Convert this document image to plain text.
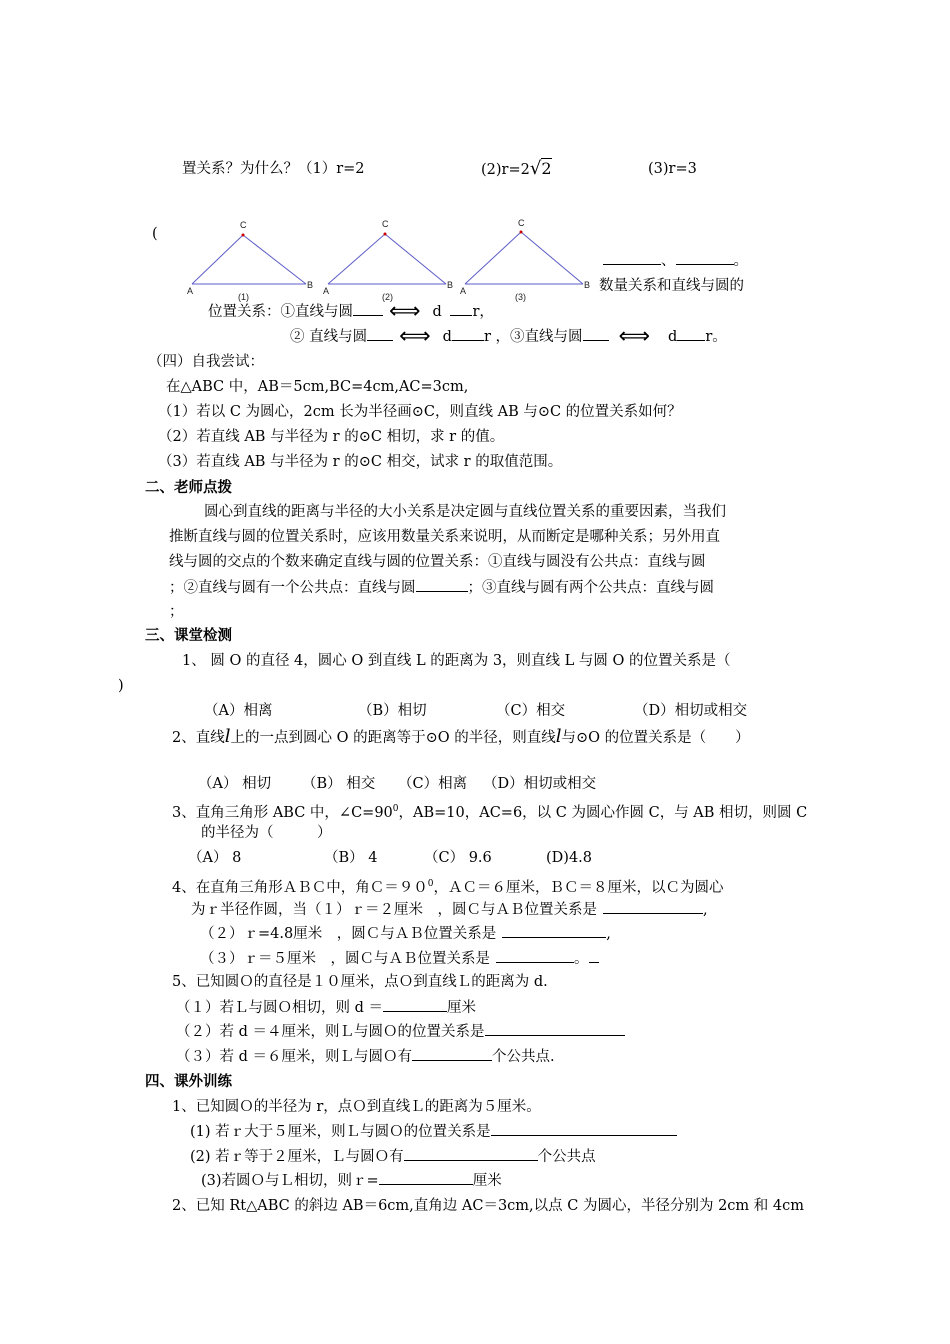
置关系？为什么？（1）r=2	(2)r=2√2	(3)r=3
(
C
A
B
(1)
C
A
B
(2)
C
A
B
(3)
、	。
数量关系和直线与圆的
位置关系：①直线与圆 ⟺ d r，
② 直线与圆 ⟺ d r ，③直线与圆 ⟺ d r。
（四）自我尝试：
在△ABC 中，AB＝5cm,BC=4cm,AC=3cm,
（1）若以 C 为圆心，2cm 长为半径画⊙C，则直线 AB 与⊙C 的位置关系如何？
（2）若直线 AB 与半径为 r 的⊙C 相切，求 r 的值。
（3）若直线 AB 与半径为 r 的⊙C 相交，试求 r 的取值范围。
二、老师点拨
圆心到直线的距离与半径的大小关系是决定圆与直线位置关系的重要因素，当我们
推断直线与圆的位置关系时，应该用数量关系来说明，从而断定是哪种关系；另外用直
线与圆的交点的个数来确定直线与圆的位置关系：①直线与圆没有公共点：直线与圆
；②直线与圆有一个公共点：直线与圆	；③直线与圆有两个公共点：直线与圆
；
三、课堂检测
1、 圆 O 的直径 4，圆心 O 到直线 L 的距离为 3，则直线 L 与圆 O 的位置关系是（
)
（A）相离	（B）相切	（C）相交	（D）相切或相交
2、直线l上的一点到圆心 O 的距离等于⊙O 的半径，则直线l与⊙O 的位置关系是（　　）
（A） 相切 （B） 相交 （C）相离 （D）相切或相交
3、直角三角形 ABC 中，$\angle C=90^0$，AB=10，AC=6，以 C 为圆心作圆 C，与 AB 相切，则圆 C
的半径为（　　　）
（A） 8	（B） 4	（C） 9.6	(D)4.8
4、在直角三角形ＡＢＣ中，角$C=90^0$，ＡＣ＝６厘米，ＢＣ＝８厘米，以Ｃ为圆心
为ｒ半径作圆，当（１）ｒ＝２厘米　，圆Ｃ与ＡＢ位置关系是	,
（２）ｒ=4.8厘米　，圆Ｃ与ＡＢ位置关系是	,
（３）ｒ＝５厘米　，圆Ｃ与ＡＢ位置关系是	。
5、已知圆Ｏ的直径是１０厘米，点Ｏ到直线Ｌ的距离为 d.
（１）若Ｌ与圆Ｏ相切，则 d ＝	厘米
（２）若 d ＝４厘米，则Ｌ与圆Ｏ的位置关系是
（３）若 d ＝６厘米，则Ｌ与圆Ｏ有	个公共点.
四、课外训练
1、已知圆Ｏ的半径为 r，点Ｏ到直线Ｌ的距离为５厘米。
(1) 若ｒ大于５厘米，则Ｌ与圆Ｏ的位置关系是
(2) 若ｒ等于２厘米，Ｌ与圆Ｏ有	个公共点
(3)若圆Ｏ与Ｌ相切，则ｒ=	厘米
2、已知 Rt△ABC 的斜边 AB＝6cm,直角边 AC＝3cm,以点 C 为圆心，半径分别为 2cm 和 4cm
